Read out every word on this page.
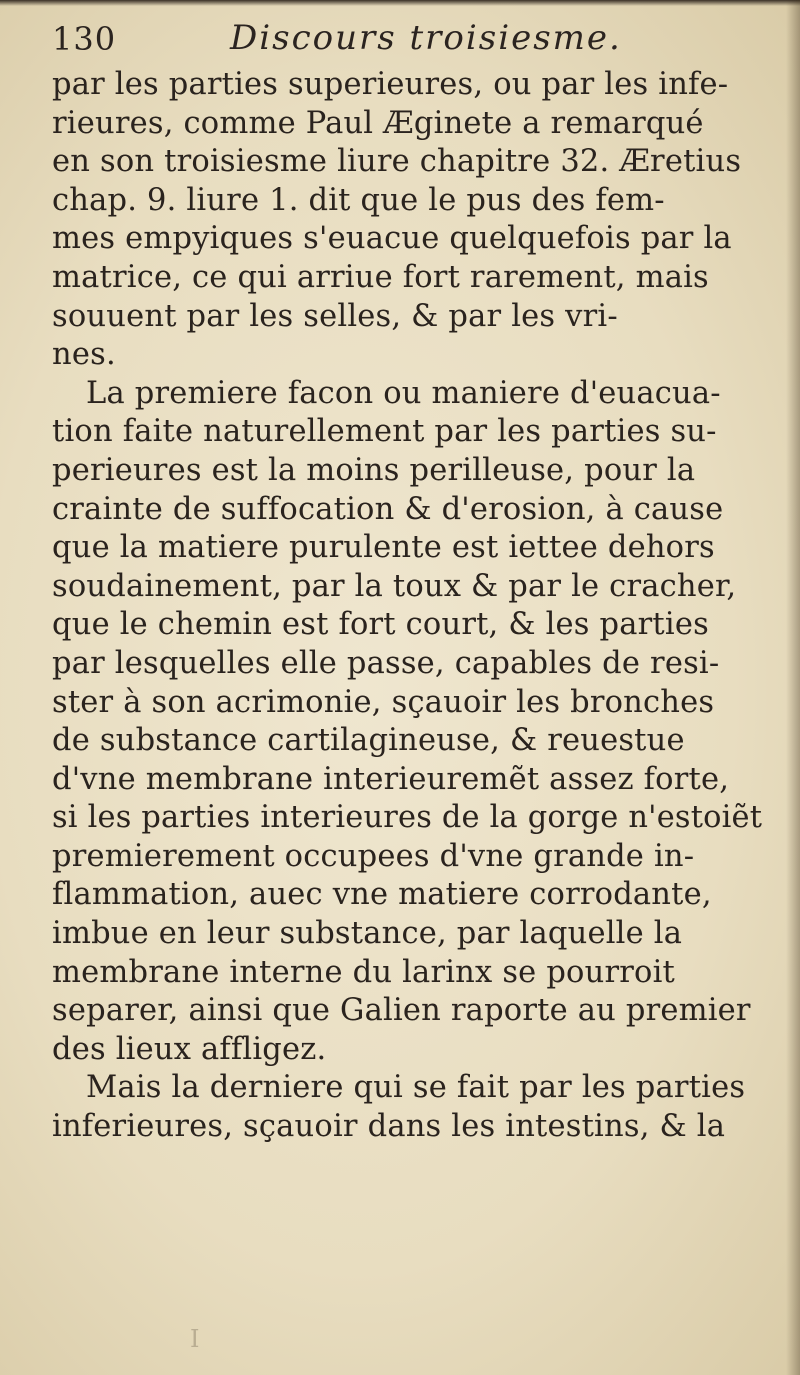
130	Discours troisiesme.
par les parties superieures, ou par les infe-
rieures, comme Paul Æginete a remarqué
en son troisiesme liure chapitre 32. Æretius
chap. 9. liure 1. dit que le pus des fem-
mes empyiques s'euacue quelquefois par la
matrice, ce qui arriue fort rarement, mais
souuent par les selles, & par les vri-
nes.
La premiere facon ou maniere d'euacua-
tion faite naturellement par les parties su-
perieures est la moins perilleuse, pour la
crainte de suffocation & d'erosion, à cause
que la matiere purulente est iettee dehors
soudainement, par la toux & par le cracher,
que le chemin est fort court, & les parties
par lesquelles elle passe, capables de resi-
ster à son acrimonie, sçauoir les bronches
de substance cartilagineuse, & reuestue
d'vne membrane interieuremẽt assez forte,
si les parties interieures de la gorge n'estoiẽt
premierement occupees d'vne grande in-
flammation, auec vne matiere corrodante,
imbue en leur substance, par laquelle la
membrane interne du larinx se pourroit
separer, ainsi que Galien raporte au premier
des lieux affligez.
Mais la derniere qui se fait par les parties
inferieures, sçauoir dans les intestins, & la
I
